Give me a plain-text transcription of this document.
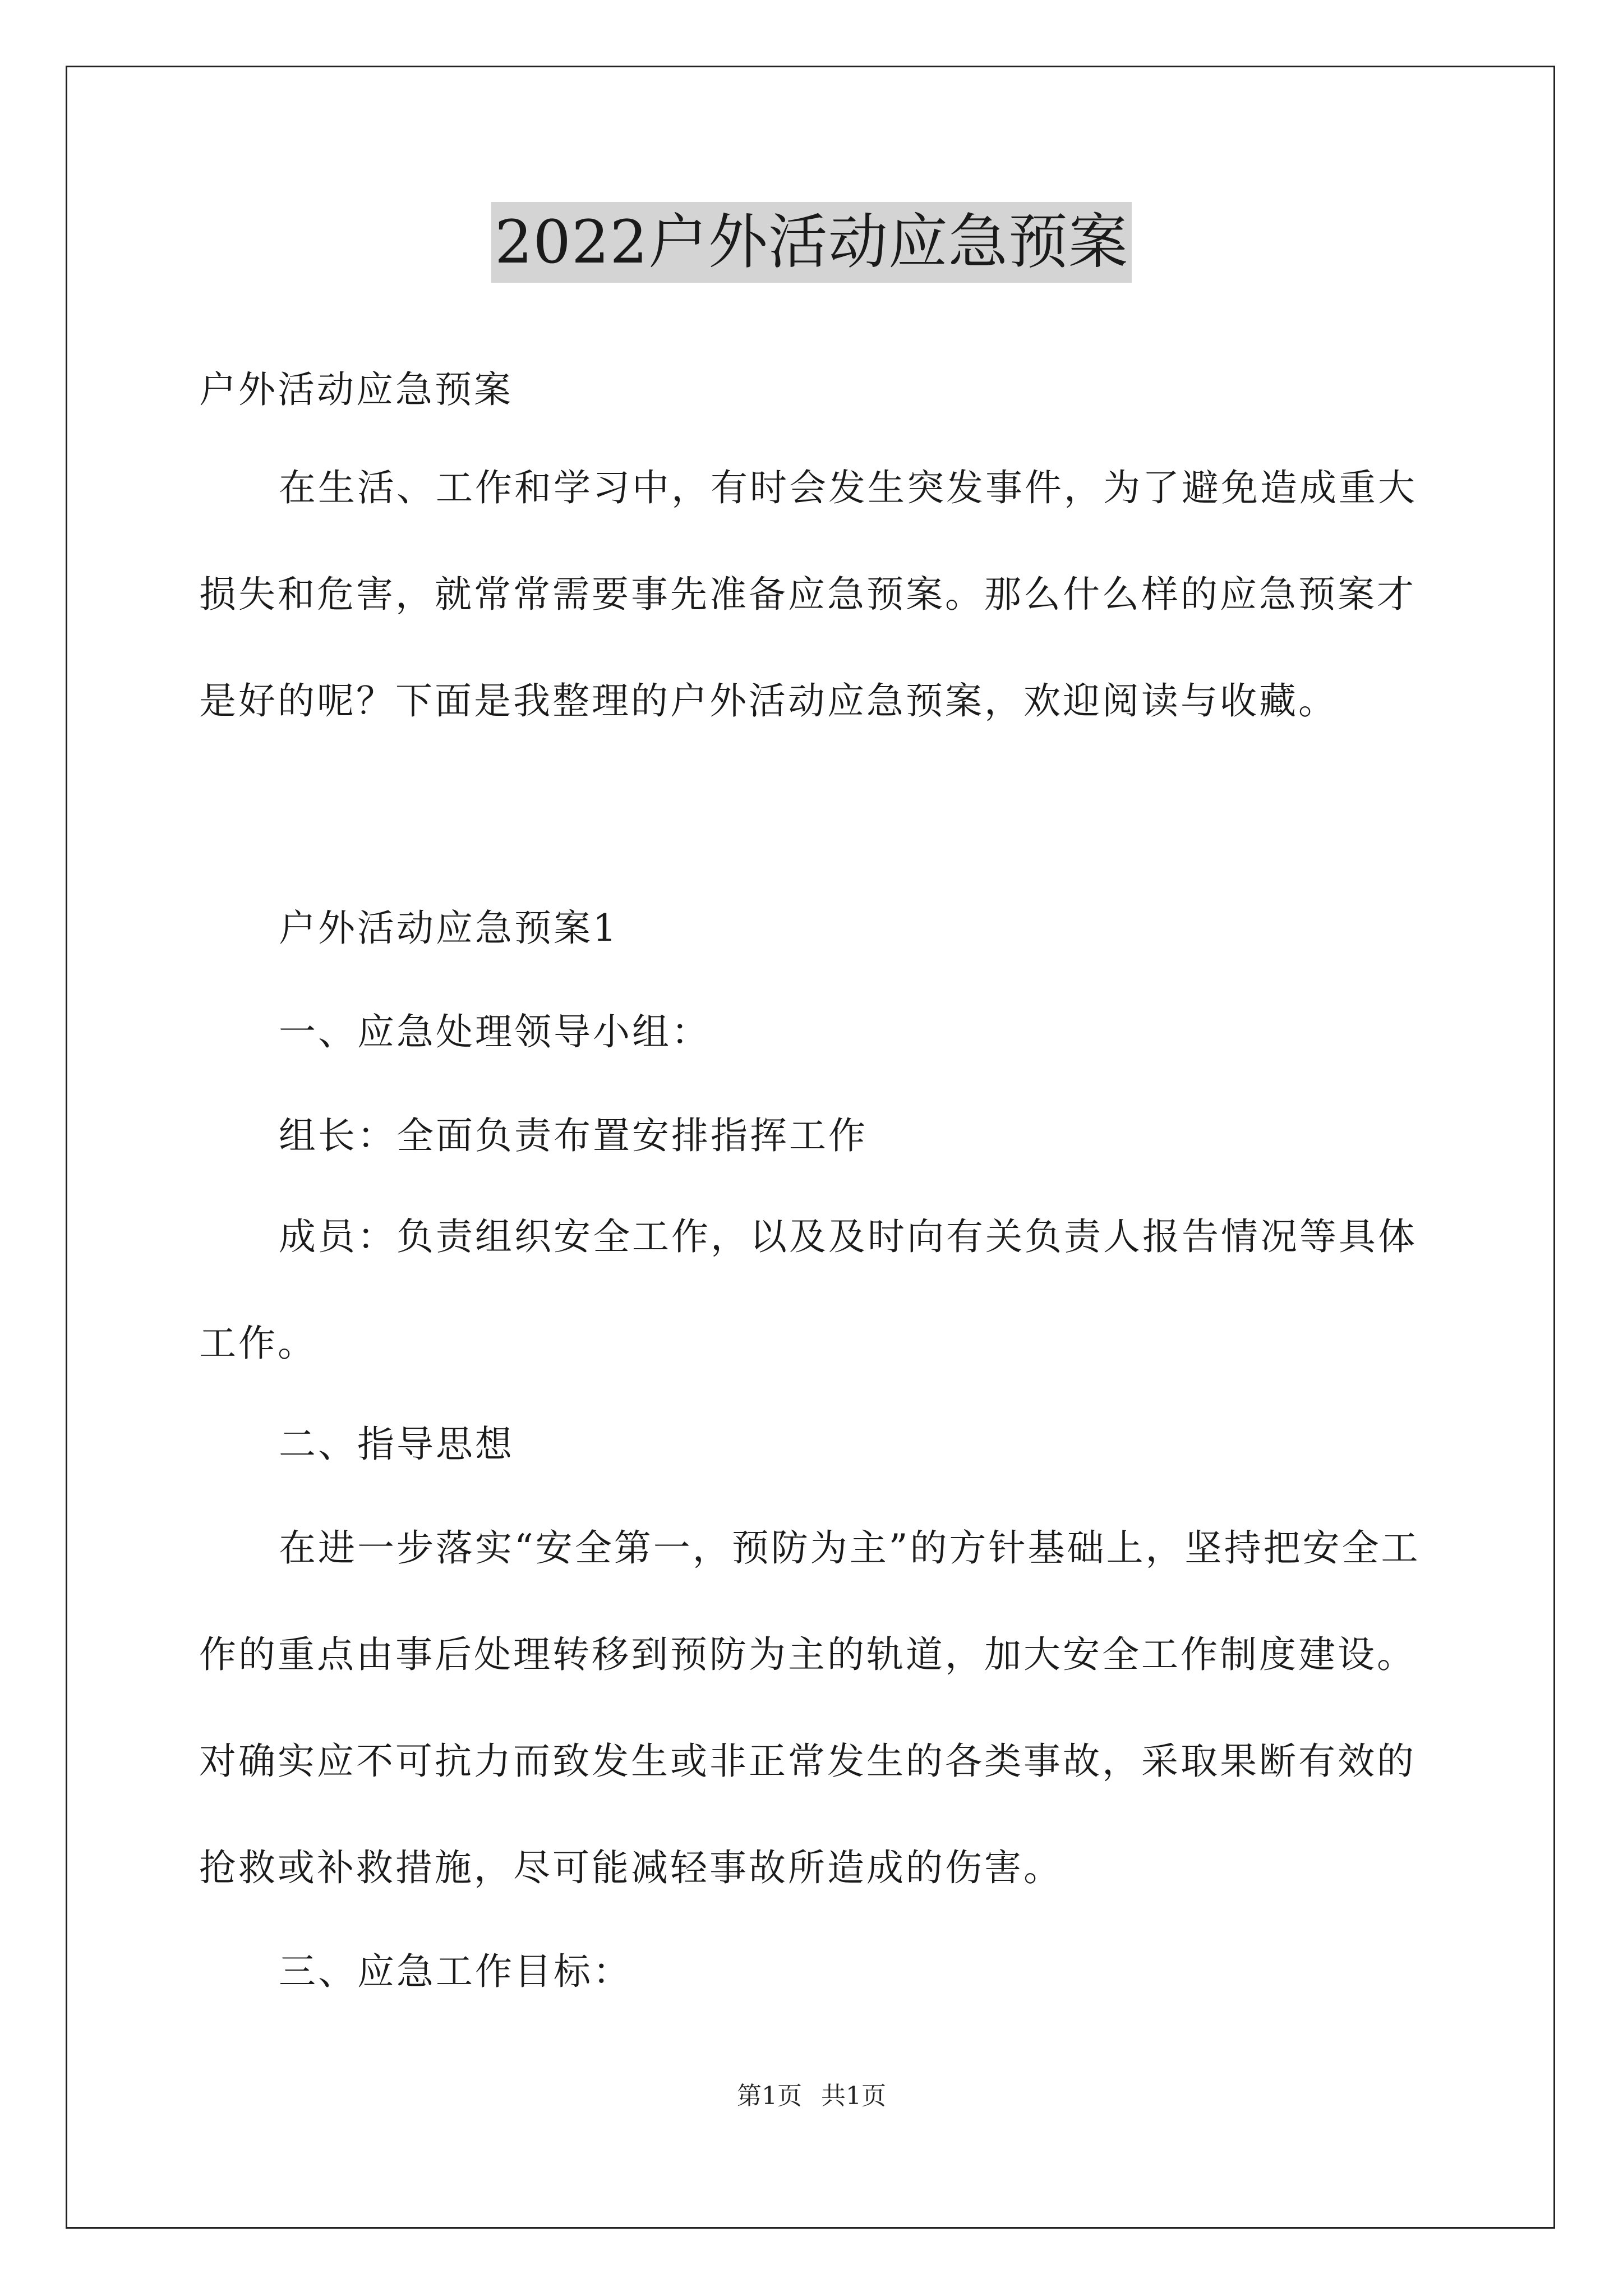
2022户外活动应急预案

户外活动应急预案

在生活、工作和学习中，有时会发生突发事件，为了避免造成重大损失和危害，就常常需要事先准备应急预案。那么什么样的应急预案才是好的呢？下面是我整理的户外活动应急预案，欢迎阅读与收藏。

户外活动应急预案1

一、应急处理领导小组：

组长：全面负责布置安排指挥工作

成员：负责组织安全工作，以及及时向有关负责人报告情况等具体工作。

二、指导思想

在进一步落实“安全第一，预防为主”的方针基础上，坚持把安全工作的重点由事后处理转移到预防为主的轨道，加大安全工作制度建设。对确实应不可抗力而致发生或非正常发生的各类事故，采取果断有效的抢救或补救措施，尽可能减轻事故所造成的伤害。

三、应急工作目标：

第1页 共1页
